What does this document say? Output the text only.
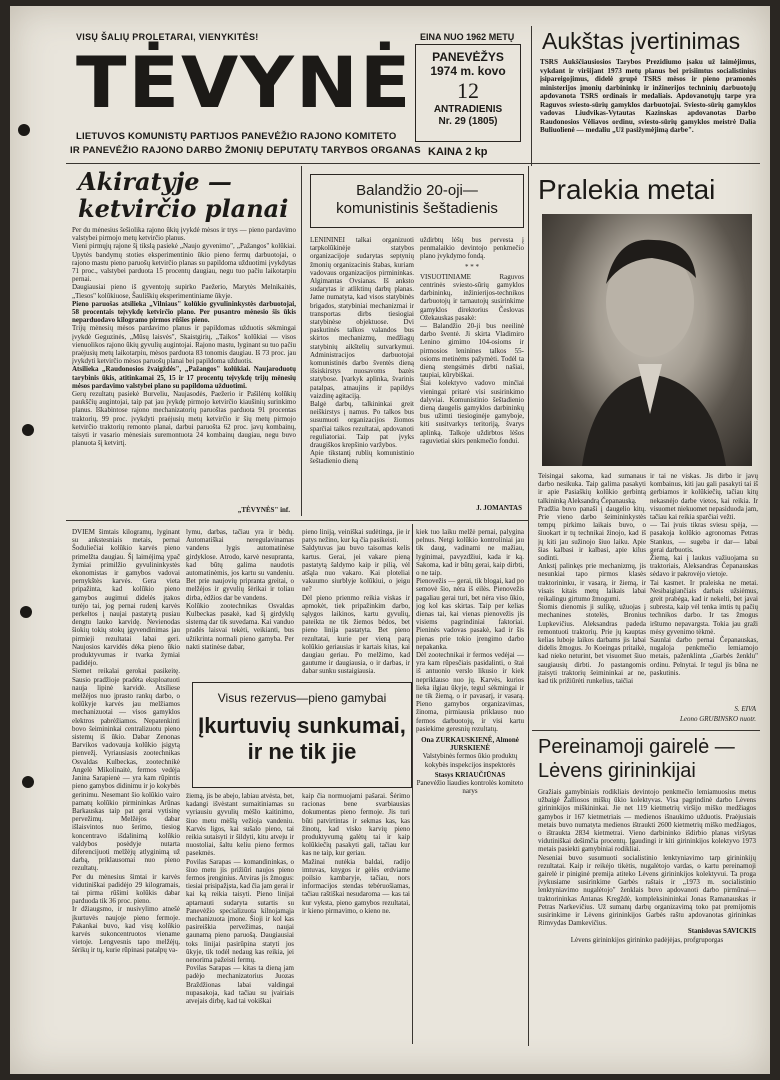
VISŲ ŠALIŲ PROLETARAI, VIENYKITĖS!
TĖVYNĖ
LIETUVOS KOMUNISTŲ PARTIJOS PANEVĖŽIO RAJONO KOMITETO
IR PANEVĖŽIO RAJONO DARBO ŽMONIŲ DEPUTATŲ TARYBOS ORGANAS
EINA NUO 1962 METŲ
PANEVĖŽYS 1974 m. kovo
12
ANTRADIENIS
Nr. 29 (1805)
KAINA 2 kp
Aukštas įvertinimas
TSRS Aukščiausiosios Tarybos Prezidiumo įsaku už laimėjimus, vykdant ir viršijant 1973 metų planus bei prisiimtus socialistinius įsipareigojimus, didelė grupė TSRS mėsos ir pieno pramonės ministerijos įmonių darbininkų ir inžinerijos techninių darbuotojų apdovanota TSRS ordinais ir medaliais. Apdovanotųjų tarpe yra Raguvos sviesto-sūrių gamyklos darbuotojai. Sviesto-sūrių gamyklos vadovas Liudvikas-Vytautas Kazinskas apdovanotas Darbo Raudonosios Vėliavos ordinu, sviesto-sūrių gamyklos meistrė Dalia Buliuolienė — medaliu „Už pasižymėjimą darbe".
Akiratyje —
ketvirčio planai
Per du mėnesius šešiolika rajono ūkių įvykdė mėsos ir trys — pieno pardavimo valstybei pirmojo metų ketvirčio planus.
Vieni pirmųjų rajone šį tikslą pasiekė „Naujo gyvenimo", „Pažangos" kolūkiai. Upytės bandymų stoties eksperimentinio ūkio pieno fermų darbuotojai, o rajono mastu pieno paruošų ketvirčio planas su papildoma užduotimi įvykdytas 71 proc., valstybei parduota 15 procentų daugiau, negu tuo pačiu laikotarpiu pernai.
Daugiausiai pieno iš gyventojų supirko Paežerio, Marytės Melnikaitės, „Tiesos" kolūkiuose, Šauliškių eksperimentiniame ūkyje.
Pieno paruošas atsilieka „Vilniaus" kolūkio gyvulininkystės darbuotojai, 58 procentais teįvykdę ketvirčio plano. Per pusantro mėnesio šis ūkis neparduodavo kilogramo pirmos rūšies pieno.
Trijų mėnesių mėsos pardavimo planus ir papildomas užduotis sėkmingai įvykdė Geguzinės, „Mūsų laisvės", Skaistgirių, „Taikos" kolūkiai — visos vienuolikos rajono ūkių gyvulių augintojai. Rajono mastu, lyginant su tuo pačiu praėjusių metų laikotarpiu, mėsos parduota 83 tonomis daugiau. Iš 73 proc. jau įvykdyti ketvirčio mėsos paruošų planai bei papildoma užduotis.
Atsilieka „Raudonosios žvaigždės", „Pažangos" kolūkiai. Naujaroduotų tarybinis ūkis, atitinkamai 25, 15 ir 17 procentų teįvykdę trijų mėnesių mėsos pardavimo valstybei plano su papildoma užduotimi.
Gerų rezultatų pasiekė Burveliu, Naujasodės, Paežerio ir Pašilėnų kolūkių paukščių augintojai, taip pat jau įvykdę pirmojo ketvirčio kiaušinių surinkimo planus. Iškabintose rajono mechanizatorių paruoštas parduota 91 procentas traktorių, 99 proc. įvykdyti praėjusių metų ketvirčio ir šių metų pirmojo ketvirčio traktorių remonto planai, darbui paruošta 62 proc. javų kombainų, taisyti ir vasario mėnesiais suremontuota 24 kombainų daugiau, negu buvo planuota šį ketvirtį.
„TĖVYNĖS" inf.
Balandžio 20-oji—
komunistinis šeštadienis
LENININEI talkai organizuoti tarpkolūkinėje statybos organizacijoje sudarytas septynių žmonių organizacinis štabas, kuriam vadovaus organizacijos pirmininkas. Algimantas Ovsianas. Iš anksto sudarytas ir atliktinų darbų planas. Jame numatyta, kad visos statybinės brigados, statybiniai mechanizmai ir transportas dirbs tiesiogiai statybinėse objektuose. Dvi paskutinės talkos valandos bus skirtos mechanizmų, medžiagų statybinių aikštelių sutvarkymui. Administracijos darbuotojai komunistinės darbo šventės dieną išsiskirstys nuosavoms bazės statybose. Įvarkyk aplinka, švarinis patalpas, atnaujins ir papildys vaizdinę agitaciją.
Balgė darbų, talkininkai greit neiškirstys į namus. Po talkos bus susumuoti organizacijos žiomos sparčiai taikos rezultatai, apdovanoti reguliatoriai. Taip pat įvyks draugiškos krepšinio varžybos.
Apie tikstantį rublių komunistinio šeštadienio dieną
uždirbtų lėšų bus pervesta į penmalaikio devintojo penkmečio plano įvykdymo fondą.
* * *
VISUOTINIAME Raguvos centrinės sviesto-sūrių gamyklos darbininkų, inžinierijos-technikos darbuotojų ir tarnautojų susirinkime gamyklos direktorius Česlovas Ožekauskas pasakė:
— Balandžio 20-ji bus neeilinė darbo šventė. Ji skirta Vladimiro Lenino gimimo 104-osioms ir pirmosios leninines talkos 55-osioms metinėms pažymėti. Todėl ta dieną stengsimės dirbti našiai, taupiai, kūrybiškai.
Šiai kolektyvo vadovo minčiai vieningai pritarė visi susirinkimo dalyviai. Komunistinio šeštadienio dieną daugelis gamyklos darbininkų bus užimti tiesioginėje gamyboje, kiti susitvarkys teritoriją, švarys aplinką. Talkoje uždirbtos lėšos raguvietiai skirs penkmečio fondui.
J. JOMANTAS
Pralekia metai
Teisingai sakoma, kad sumanaus darbo nesikuka. Taip galima pasakyti ir apie Pasiaškių kolūkio gerbintą talkininką Aleksandrą Čepanauską.
Pradžia buvo panaši į daugelio kitų. Prie vieno darbo šeimininkystės tempų pirkimo laikais buvo, o šiuokart ir tų technikai žinojo, kad iš jų kiti jau sužinojo šiuo laiku. Apie šias kalbasi ir kalbasi, apie kilus sodinti.
Ankstį palinkęs prie mechanizmų, jis nesunkiai tapo pirmos klasės traktorininku, ir vasarą, ir žiemą, ir visais kitais metų laikais labai reikalingu girtumo žmogumi.
Šiomis dienomis ji sulikę, užuojas į mechanines stotelės, Bronius Lupkevičius. Aleksandras padeda remontuoti traktorių. Prie jų kauptas kelias luboje laikos darbams jis labai didelis žmogus. Jo Koeingas pritaikė, kad nieko neturint, bet visuomet šiuo saugiausių dirbti. Jo pastangomis įtaisyti traktorių šeimininkai ar ne, kad tik prižiūrėti runkelius, taičiai
ir tai ne viskas. Jis dirbo ir javų kombainus, kiti jau gali pasakyti tai iš gerbiamos ir kolūkiečių, tačiau kitų nekasnėjo darbe vietos, kai reikia. Ir visuomet niekuomet nepasiduoda jam, tačiau kai reikia sparčiai vežti.
— Tai įvuis tikras sviesu spėja, — pasakoja kolūkio agronomas Petras Stankus, — sugeba ir dar— labai gerai darbuotis.
Žiemą, kai į laukus važiuojama su traktoriais, Aleksandras Čepanauskas sėdavo ir pakrovėjo vietoje.
Tai kasmet. Ir praleiska ne metai. Nesibaigiančiais darbais užsiėmus, greit prabėga, kad ir nekelti, bet javai subresta, kaip vėl tenka imtis tų pačių technikos darbo. Ir tas žmogus irštumo nepavargsta. Tokia jau graži mėsy gyvenimo tėkmė.
Saunlai darbo pernai Čepanauskas, nugaloja penkmečio lemiamojo metais, paženklinta „Garbės ženklu" ordinu. Pelnytai. Ir tegul jis būna ne paskutinis.
S. EIVA
Leono GRUBINSKO nuotr.
Pereinamoji gairelė —
Lėvens girininkijai
Gražiais gamybiniais rodikliais devintojo penkmečio lemiamuosius metus užbaigė Žalliosos miškų ūkio kolektyvas. Visa pagrindinė darbo Lėvens girininkijos miškininkai. Jie net 119 kietmetrių viršijo miško medžiagos gamybos ir 167 kietmetriais — medienos išnaukimo užduotis. Praėjusiais metais buvo numatyta medienos ištraukti 2600 kietmetrių miško medžiagos, o ištraukta 2834 kietmetrai. Vieno darbininko išdirbio planas viršytas vidutiniškai dešimčia procentų. Įgaudingi ir kiti girininkijos kolektyvo 1973 metais pasiekti gamybiniai rodikliai.
Neseniai buvo susumuoti socialistinio lenktyniavimo tarp girininkijų rezultatai. Kaip ir reikėjo tikėtis, nugalėtojo vardas, o kartu pereinamoji gairelė ir piniginė premija atiteko Lėvens girininkijos kolektyvui. Ta proga įvykusiame susirinkime Garbės raštais ir „1973 m. socialistinio lenktyniavimo nugalėtojo" ženklais buvo apdovanoti darbo pirmūnai—traktorininkas Antanas Kregždė, kompleksinininkai Jonas Ramanauskas ir Petras Narkevičius. Už sumanų darbų organizavimą toko pat premijomis susirinkime ir Lėvens girininkijos Garbės raštu apdovanotas girininkas Rimvydas Damkevičius.
Stanislovas SAVICKIS
Lėvens girininkijos girininko padėjėjas, profgruporgas
DVIEM šimtais kilogramų, lyginant su ankstesniais metais, pernai Šoduliečiai kolūkio karvės pieno primelžta daugiau. Šį laimėjimą ypač žymiai primilžio gyvulininkystės ekonomistas ir gamybos vadovai pernykštės karvės. Gera vieta pripažinta, kad kolūkio pieno gamybos augimui didelės įtakos turėjo tai, jog pernai rudenį karvės perkeltos į naujai pastatytą pusiau dengtu lauko karvidę. Nevienodas šiokių tokių stokų įgyvendinimas jau pirmieji rezultatai labai geri. Naujosios karvidės dėka pieno ūkio produktyvumas ir tvarka žymiai padidėjo.
Siemet reikalai gerokai pasikeitę. Sausio pradžioje pradėta eksploatuoti nauja lipinė karvidė. Atsiliese melžėjos nuo įprasto rankų darbo, o kolūkyje karvės jau melžiamos mechanizuotai — visos gamyklos elektros pabrėžiamos. Nepatenkinti bovo šeimininkai centralizuotu pieno sistemų iš ūkio. Dabar Zenonas Barvikos vadovauja kolūkio įsigytą pienvežį. Vyriausiasis zootechnikas Osvaldas Kulbeckas, zootechnikė Angelė Mikolinaitė, fermos vedėja Janina Sarapienė — yra kam rūpintis pieno gamybos didinimu ir jo kokybės gerinimu. Nesemant šio kolūkio vairo pamatų kolūkio pirmininkas Arūnas Barkauskas taip pat gerai vytisinę pervežimų. Melžėjos dabar išlaisvintos nuo šerimo, tiesiog koncentravo išdalinimą kolūkio valdybos posėdyje nutarta diferencijuoti melžėjų atlyginimą už darbą, priklausomai nuo pieno rezultatų.
Per du mėnesius šimtai ir karvės vidutiniškai padidėjo 29 kilogramais, tai pirma rūšimi kolūkis dabar parduoda tik 36 proc. pieno.
Ir džiaugsmo, ir nusivylimo atnešė įkurtuvės naujoje pieno fermoje. Pakankai buvo, kad visų kolūkio karvės sukoncentruotos viename vietoje. Lengvesnis tapo melžėjų, šėrikų ir tų, kurie rūpinasi patalpų va-
lymu, darbas, tačiau yra ir bėdų. Automatiškai neregulavinamas vandens lygis automatinėse girdyklose. Atrodo, karvė nesupranta, kad būtų galima naudotis automatinėmis, jos kartu su vandeniu. Bet prie naujovių pripranta greitai, o melžėjos ir gyvulių šėrikai ir toliau dirba, ėdžios dar be vandens.
Kolūkio zootechnikas Osvaldas Kulbeckas pasakė, kad šį girdyklų sistemą dar tik suvedama. Kai vanduo pradės laisvai tekėti, veikianti, bus užtikrinta normali pieno gamyba. Per nakti statinėse dabar,
pieno liniją, veiniškai sudėtinga, jie ir patys nežino, kur ką čia pasikeisti.
Saldytuvas jau buvo taisomas kelis kartus. Gerai, jei vakare pieną pastatytą šaldymo kaip ir pilią, vėl atšąla nuo vakaro. Kai ploteliai vakuumo siurblyje kolūkiui, o jeigu ne?
Dėl pieno prienmo reikia viskas ir apmokėt, tiek pripažinkim darbo, sąlygos laikinos, kartu gyvulių, pateikta ne tik žiemos bėdos, bet pieno linija pastatyta. Bet pieno rezultatai, kurie per vieną parą kolūkio geriausias ir kartais kitas, kai daugiau geriau. Po melžimo, kad gautume ir daugiausia, o ir darbas, ir dabar sunku sustaigiausia.
Visus rezervus—pieno gamybai
Įkurtuvių sunkumai,
ir ne tik jie
žiemą, jis be abejo, labiau atvėsta, bet, kadangi išvėstant sumaitiniamas su vyriausiu gyvulių mėšlo kaitinimo, šiuo metu mėšlą vežioja vandeniu. Karvės ligos, kai sušalo pieno, tai reikia sutaisyti ir šildyti, kitu atveju ir nuostoliai, šaltu keliu pieno fermos pasekmės.
Povilas Sarapas — komandininkas, o šiuo metu jis prižiūri naujos pieno fermos įrenginius. Atviras jis žmogus: tiesiai prisipažįsta, kad čia jam gerai ir kai ką reikia taisyti. Pieno linijai aptarnauti sudaryta sutartis su Panevėžio specializuota kilnojamąja mechanizuota įmone. Šioji ir kol kas pasireiškia pervežimas, naujai gaunamą pieno paruošą. Daugiausiai toks linijai pasirūpina statyti jos ūkyje, tik todėl nedaug kas reikia, jei nenorima pažeisti fermų.
Povilas Sarapas — kitas ta dieną jam padėjo mechanizatorius Juozas Braždžionas labai valdingai nupasakoja, kad tačiau su įvairiais atvejais dirbę, kad tai vokiškai
kaip čia normuojami pašarai. Šėrimo racionas bene svarbiausias dokumentas pieno fermoje. Jis turi būti patvirtintas ir sekmas kas, kas žinotų, kad visko karvių pieno produktyvumą galėtų tai ir kaip kolūkiečių pasakyti gali, tačiau kur kas ne taip, kur geriau.
Mažinai nutėkia baldai, radijo imtuvas, knygos ir gėlės erdviame poilsio kambaryje, tačiau, nors informacijos stendas tebėruošiamas, tačiau raštiškai nesudaroma — kas tai kur vyksta, pieno gamybos rezultatai, ir kieno pirmavimo, o kieno ne.
kiek tuo laiku melžė pernai, palygina pelnus. Netgi kolūkio kontroliniai jau tik daug, vadinami ne mažiau, lyginimai, pavyzdžiui, kada ir ką. Sakoma, kad ir būtų gerai, kaip dirbti, o ne taip.
Pienovežis — gerai, tik blogai, kad po semovė šio, nėra iš eilės. Pienovežis pagaliau gerai turi, bet nėra viso ūkio, jog kol kas skirtas. Taip per kelias dienas tai, kai vienas pienovežis jis visiems pagrindiniai faktoriai. Pieninės vadovas pasakė, kad ir šis pienas prie tokio įrengimo darbo nepakanka.
Dėl zootechnikai ir fermos vedėjai — yra kam rūpesčiais pasidalinti, o štai iš antuonio verslo likusio ir kiek nepriklauso nuo jų. Karvės, kurios lieka ilgiau ūkyje, tegul sėkmingai ir ne tik žiemą, o ir pavasarį, ir vasarą. Pieno gamybos organizavimas, žinoma, pirmiausia priklauso nuo fermos darbuotojų, ir visi kartu pasiekime geresnių rezultatų.
Ona ZURKAUSKIENĖ, Almonė JURSKIENĖ
Valstybinės fermos ūkio produktų kokybės inspekcijos inspektorės
Stasys KRIAUČIŪNAS
Panevėžio liaudies kontrolės komiteto narys
